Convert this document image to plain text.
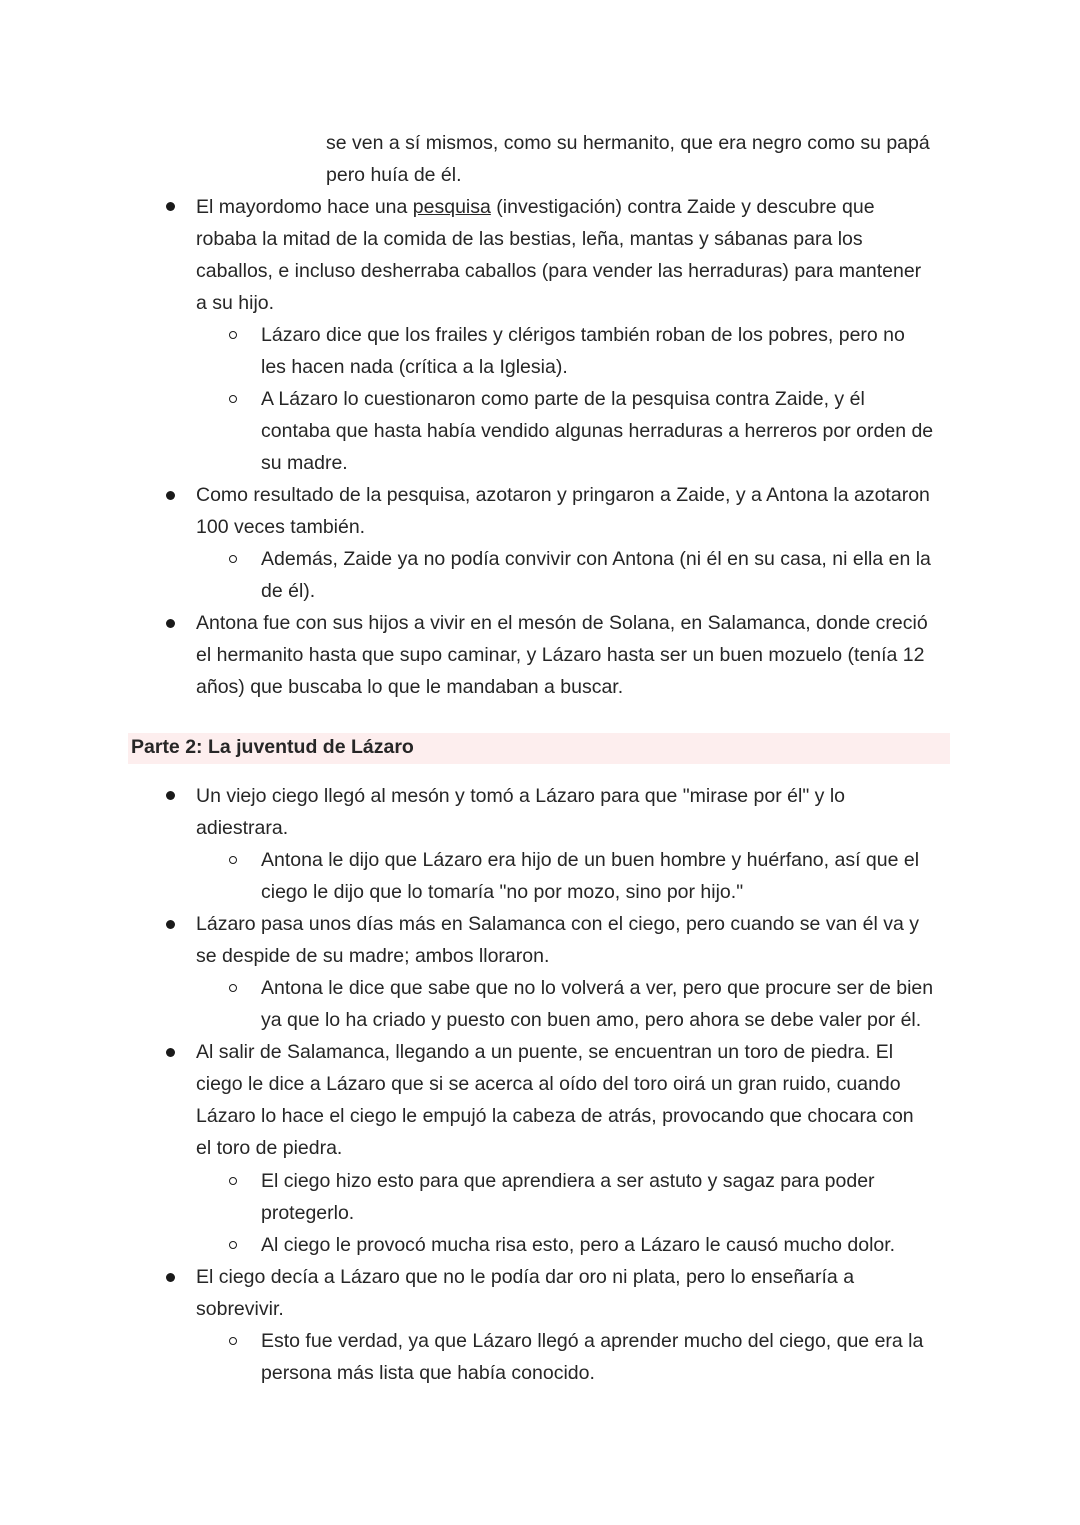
se ven a sí mismos, como su hermanito, que era negro como su papá
pero huía de él.
El mayordomo hace una pesquisa (investigación) contra Zaide y descubre que
robaba la mitad de la comida de las bestias, leña, mantas y sábanas para los
caballos, e incluso desherraba caballos (para vender las herraduras) para mantener
a su hijo.
Lázaro dice que los frailes y clérigos también roban de los pobres, pero no
les hacen nada (crítica a la Iglesia).
A Lázaro lo cuestionaron como parte de la pesquisa contra Zaide, y él
contaba que hasta había vendido algunas herraduras a herreros por orden de
su madre.
Como resultado de la pesquisa, azotaron y pringaron a Zaide, y a Antona la azotaron
100 veces también.
Además, Zaide ya no podía convivir con Antona (ni él en su casa, ni ella en la
de él).
Antona fue con sus hijos a vivir en el mesón de Solana, en Salamanca, donde creció
el hermanito hasta que supo caminar, y Lázaro hasta ser un buen mozuelo (tenía 12
años) que buscaba lo que le mandaban a buscar.
Parte 2: La juventud de Lázaro
Un viejo ciego llegó al mesón y tomó a Lázaro para que "mirase por él" y lo
adiestrara.
Antona le dijo que Lázaro era hijo de un buen hombre y huérfano, así que el
ciego le dijo que lo tomaría "no por mozo, sino por hijo."
Lázaro pasa unos días más en Salamanca con el ciego, pero cuando se van él va y
se despide de su madre; ambos lloraron.
Antona le dice que sabe que no lo volverá a ver, pero que procure ser de bien
ya que lo ha criado y puesto con buen amo, pero ahora se debe valer por él.
Al salir de Salamanca, llegando a un puente, se encuentran un toro de piedra. El
ciego le dice a Lázaro que si se acerca al oído del toro oirá un gran ruido, cuando
Lázaro lo hace el ciego le empujó la cabeza de atrás, provocando que chocara con
el toro de piedra.
El ciego hizo esto para que aprendiera a ser astuto y sagaz para poder
protegerlo.
Al ciego le provocó mucha risa esto, pero a Lázaro le causó mucho dolor.
El ciego decía a Lázaro que no le podía dar oro ni plata, pero lo enseñaría a
sobrevivir.
Esto fue verdad, ya que Lázaro llegó a aprender mucho del ciego, que era la
persona más lista que había conocido.
